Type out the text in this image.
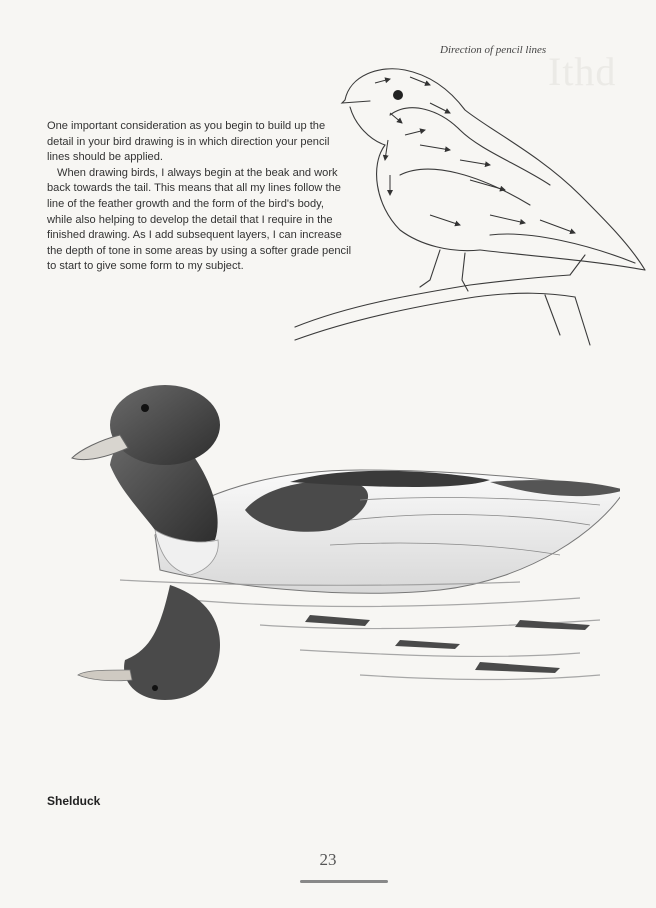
Ithd
Direction of pencil lines

One important consideration as you begin to build up the detail in your bird drawing is in which direction your pencil lines should be applied.

When drawing birds, I always begin at the beak and work back towards the tail. This means that all my lines follow the line of the feather growth and the form of the bird's body, while also helping to develop the detail that I require in the finished drawing. As I add subsequent layers, I can increase the depth of tone in some areas by using a softer grade pencil to start to give some form to my subject.

Shelduck
23
